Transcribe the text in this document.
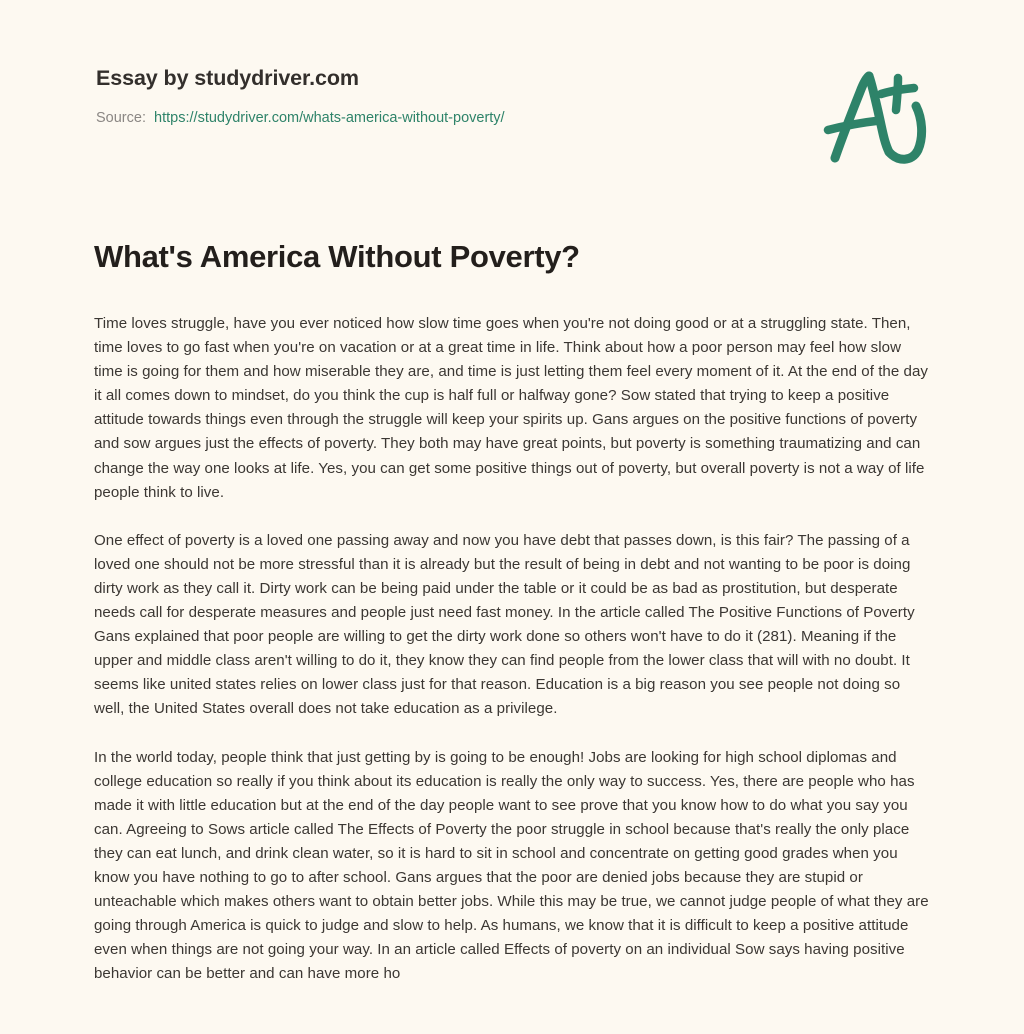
Essay by studydriver.com
Source: https://studydriver.com/whats-america-without-poverty/
What's America Without Poverty?

Time loves struggle, have you ever noticed how slow time goes when you're not doing good or at a struggling state. Then, time loves to go fast when you're on vacation or at a great time in life. Think about how a poor person may feel how slow time is going for them and how miserable they are, and time is just letting them feel every moment of it. At the end of the day it all comes down to mindset, do you think the cup is half full or halfway gone? Sow stated that trying to keep a positive attitude towards things even through the struggle will keep your spirits up. Gans argues on the positive functions of poverty and sow argues just the effects of poverty. They both may have great points, but poverty is something traumatizing and can change the way one looks at life. Yes, you can get some positive things out of poverty, but overall poverty is not a way of life people think to live.

One effect of poverty is a loved one passing away and now you have debt that passes down, is this fair? The passing of a loved one should not be more stressful than it is already but the result of being in debt and not wanting to be poor is doing dirty work as they call it. Dirty work can be being paid under the table or it could be as bad as prostitution, but desperate needs call for desperate measures and people just need fast money. In the article called The Positive Functions of Poverty Gans explained that poor people are willing to get the dirty work done so others won't have to do it (281). Meaning if the upper and middle class aren't willing to do it, they know they can find people from the lower class that will with no doubt. It seems like united states relies on lower class just for that reason. Education is a big reason you see people not doing so well, the United States overall does not take education as a privilege.

In the world today, people think that just getting by is going to be enough! Jobs are looking for high school diplomas and college education so really if you think about its education is really the only way to success. Yes, there are people who has made it with little education but at the end of the day people want to see prove that you know how to do what you say you can. Agreeing to Sows article called The Effects of Poverty the poor struggle in school because that's really the only place they can eat lunch, and drink clean water, so it is hard to sit in school and concentrate on getting good grades when you know you have nothing to go to after school. Gans argues that the poor are denied jobs because they are stupid or unteachable which makes others want to obtain better jobs. While this may be true, we cannot judge people of what they are going through America is quick to judge and slow to help. As humans, we know that it is difficult to keep a positive attitude even when things are not going your way. In an article called Effects of poverty on an individual Sow says having positive behavior can be better and can have more ho
